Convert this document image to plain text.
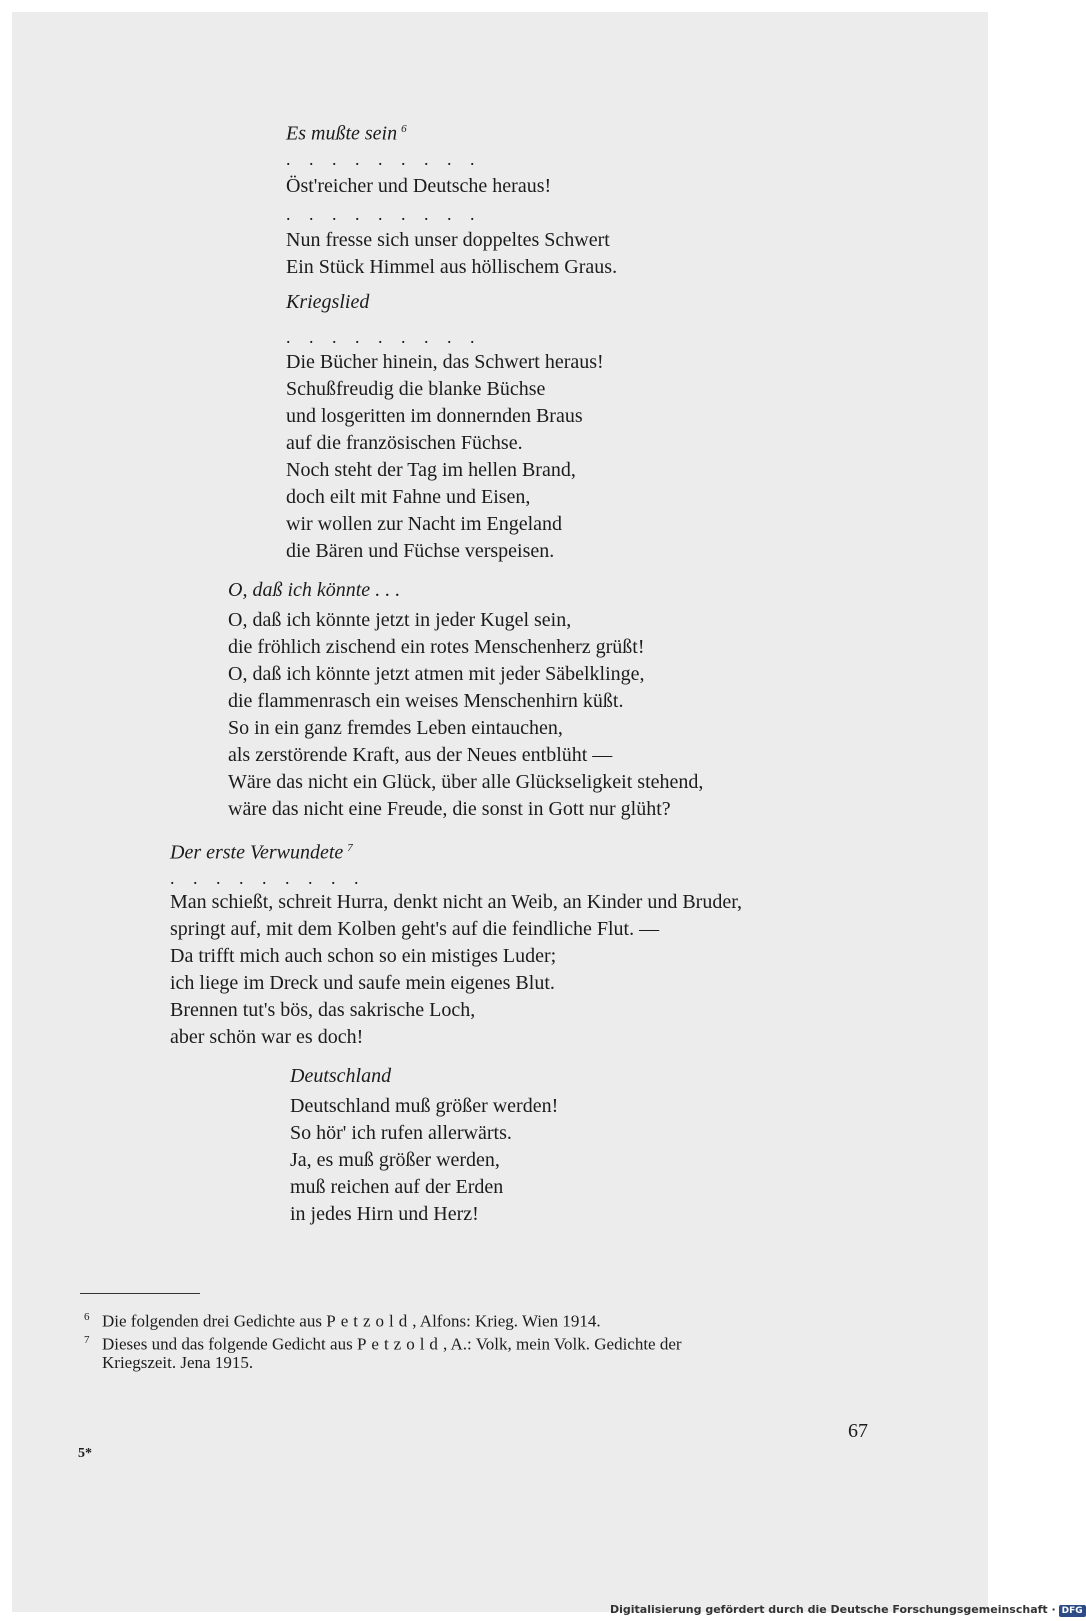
Es mußte sein $^6$
. . . . . . . . .
Öst'reicher und Deutsche heraus!
. . . . . . . . .
Nun fresse sich unser doppeltes Schwert
Ein Stück Himmel aus höllischem Graus.
Kriegslied
. . . . . . . . .
Die Bücher hinein, das Schwert heraus!
Schußfreudig die blanke Büchse
und losgeritten im donnernden Braus
auf die französischen Füchse.
Noch steht der Tag im hellen Brand,
doch eilt mit Fahne und Eisen,
wir wollen zur Nacht im Engeland
die Bären und Füchse verspeisen.
O, daß ich könnte . . .
O, daß ich könnte jetzt in jeder Kugel sein,
die fröhlich zischend ein rotes Menschenherz grüßt!
O, daß ich könnte jetzt atmen mit jeder Säbelklinge,
die flammenrasch ein weises Menschenhirn küßt.
So in ein ganz fremdes Leben eintauchen,
als zerstörende Kraft, aus der Neues entblüht —
Wäre das nicht ein Glück, über alle Glückseligkeit stehend,
wäre das nicht eine Freude, die sonst in Gott nur glüht?
Der erste Verwundete $^7$
. . . . . . . . .
Man schießt, schreit Hurra, denkt nicht an Weib, an Kinder und Bruder,
springt auf, mit dem Kolben geht's auf die feindliche Flut. —
Da trifft mich auch schon so ein mistiges Luder;
ich liege im Dreck und saufe mein eigenes Blut.
Brennen tut's bös, das sakrische Loch,
aber schön war es doch!
Deutschland
Deutschland muß größer werden!
So hör' ich rufen allerwärts.
Ja, es muß größer werden,
muß reichen auf der Erden
in jedes Hirn und Herz!
6 Die folgenden drei Gedichte aus Petzold, Alfons: Krieg. Wien 1914.
7 Dieses und das folgende Gedicht aus Petzold, A.: Volk, mein Volk. Gedichte der
Kriegszeit. Jena 1915.
67
5*
Digitalisierung gefördert durch die Deutsche Forschungsgemeinschaft · DFG
